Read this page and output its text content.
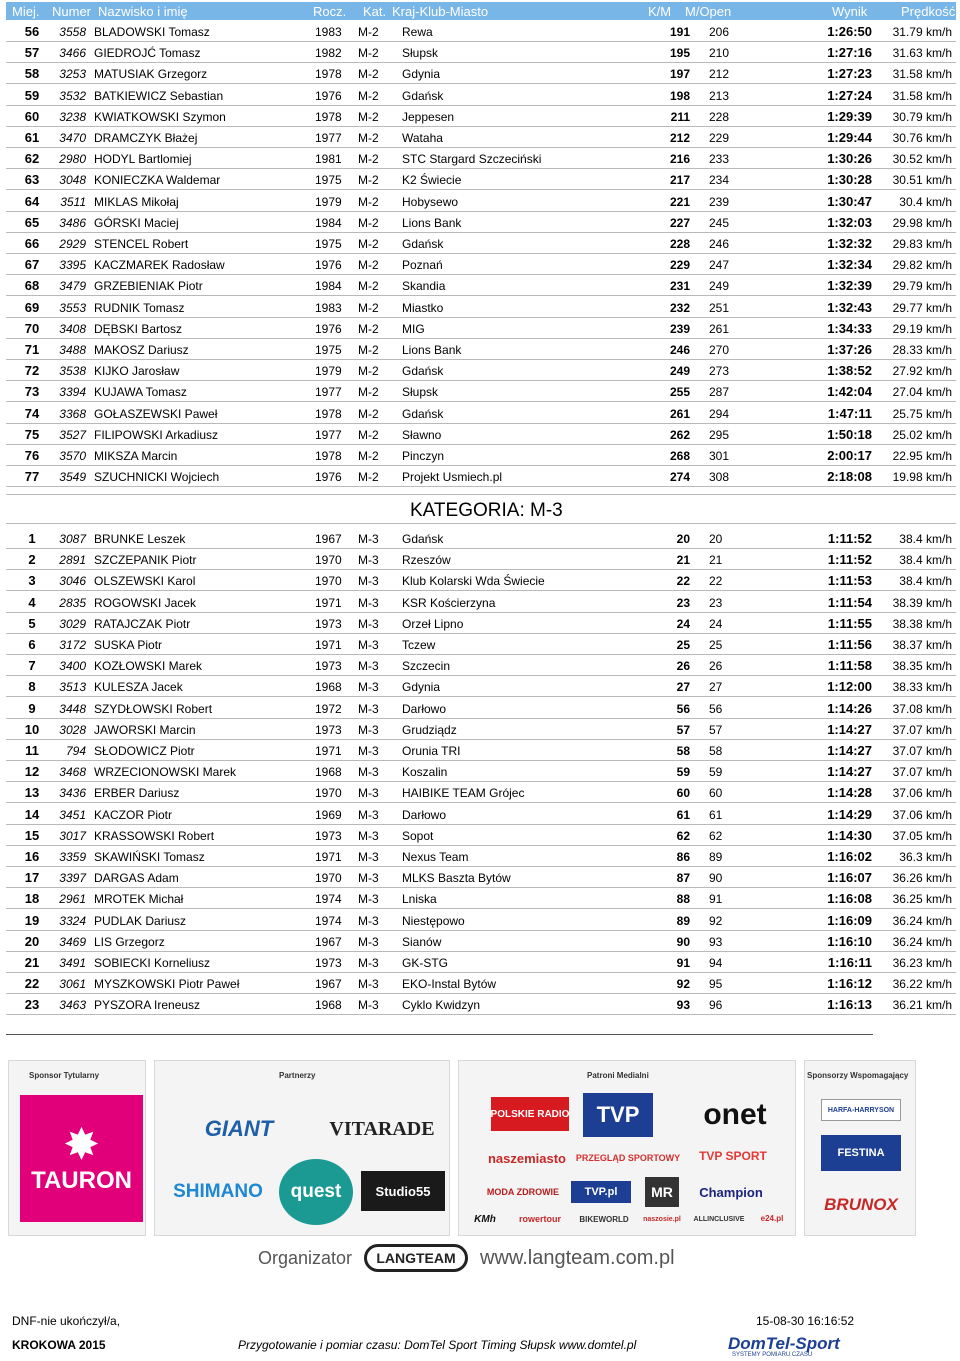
Miej. Numer Nazwisko i imię	Rocz. Kat. Kraj-Klub-Miasto	K/M M/Open	Wynik	Prędkość
56	3558 BLADOWSKI Tomasz	1983 M-2 Rewa	191 206	1:26:50	31.79 km/h
57	3466 GIEDROJĆ Tomasz	1982 M-2 Słupsk	195 210	1:27:16	31.63 km/h
58	3253 MATUSIAK Grzegorz	1978 M-2 Gdynia	197 212	1:27:23	31.58 km/h
59	3532 BATKIEWICZ Sebastian	1976 M-2 Gdańsk	198 213	1:27:24	31.58 km/h
60	3238 KWIATKOWSKI Szymon	1978 M-2 Jeppesen	211 228	1:29:39	30.79 km/h
61	3470 DRAMCZYK Błażej	1977 M-2 Wataha	212 229	1:29:44	30.76 km/h
62	2980 HODYL Bartlomiej	1981 M-2 STC Stargard Szczeciński	216 233	1:30:26	30.52 km/h
63	3048 KONIECZKA Waldemar	1975 M-2 K2 Świecie	217 234	1:30:28	30.51 km/h
64	3511 MIKLAS Mikołaj	1979 M-2 Hobysewo	221 239	1:30:47	30.4 km/h
65	3486 GÓRSKI Maciej	1984 M-2 Lions Bank	227 245	1:32:03	29.98 km/h
66	2929 STENCEL Robert	1975 M-2 Gdańsk	228 246	1:32:32	29.83 km/h
67	3395 KACZMAREK Radosław	1976 M-2 Poznań	229 247	1:32:34	29.82 km/h
68	3479 GRZEBIENIAK Piotr	1984 M-2 Skandia	231 249	1:32:39	29.79 km/h
69	3553 RUDNIK Tomasz	1983 M-2 Miastko	232 251	1:32:43	29.77 km/h
70	3408 DĘBSKI Bartosz	1976 M-2 MIG	239 261	1:34:33	29.19 km/h
71	3488 MAKOSZ Dariusz	1975 M-2 Lions Bank	246 270	1:37:26	28.33 km/h
72	3538 KIJKO Jarosław	1979 M-2 Gdańsk	249 273	1:38:52	27.92 km/h
73	3394 KUJAWA Tomasz	1977 M-2 Słupsk	255 287	1:42:04	27.04 km/h
74	3368 GOŁASZEWSKI Paweł	1978 M-2 Gdańsk	261 294	1:47:11	25.75 km/h
75	3527 FILIPOWSKI Arkadiusz	1977 M-2 Sławno	262 295	1:50:18	25.02 km/h
76	3570 MIKSZA Marcin	1978 M-2 Pinczyn	268 301	2:00:17	22.95 km/h
77	3549 SZUCHNICKI Wojciech	1976 M-2 Projekt Usmiech.pl	274 308	2:18:08	19.98 km/h
KATEGORIA: M-3
1	3087 BRUNKE Leszek	1967 M-3 Gdańsk	20 20	1:11:52	38.4 km/h
2	2891 SZCZEPANIK Piotr	1970 M-3 Rzeszów	21 21	1:11:52	38.4 km/h
3	3046 OLSZEWSKI Karol	1970 M-3 Klub Kolarski Wda Świecie	22 22	1:11:53	38.4 km/h
4	2835 ROGOWSKI Jacek	1971 M-3 KSR Kościerzyna	23 23	1:11:54	38.39 km/h
5	3029 RATAJCZAK Piotr	1973 M-3 Orzeł Lipno	24 24	1:11:55	38.38 km/h
6	3172 SUSKA Piotr	1971 M-3 Tczew	25 25	1:11:56	38.37 km/h
7	3400 KOZŁOWSKI Marek	1973 M-3 Szczecin	26 26	1:11:58	38.35 km/h
8	3513 KULESZA Jacek	1968 M-3 Gdynia	27 27	1:12:00	38.33 km/h
9	3448 SZYDŁOWSKI Robert	1972 M-3 Darłowo	56 56	1:14:26	37.08 km/h
10	3028 JAWORSKI Marcin	1973 M-3 Grudziądz	57 57	1:14:27	37.07 km/h
11	794 SŁODOWICZ Piotr	1971 M-3 Orunia TRI	58 58	1:14:27	37.07 km/h
12	3468 WRZECIONOWSKI Marek	1968 M-3 Koszalin	59 59	1:14:27	37.07 km/h
13	3436 ERBER Dariusz	1970 M-3 HAIBIKE TEAM Grójec	60 60	1:14:28	37.06 km/h
14	3451 KACZOR Piotr	1969 M-3 Darłowo	61 61	1:14:29	37.06 km/h
15	3017 KRASSOWSKI Robert	1973 M-3 Sopot	62 62	1:14:30	37.05 km/h
16	3359 SKAWIŃSKI Tomasz	1971 M-3 Nexus Team	86 89	1:16:02	36.3 km/h
17	3397 DARGAS Adam	1970 M-3 MLKS Baszta Bytów	87 90	1:16:07	36.26 km/h
18	2961 MROTEK Michał	1974 M-3 Lniska	88 91	1:16:08	36.25 km/h
19	3324 PUDLAK Dariusz	1974 M-3 Niestępowo	89 92	1:16:09	36.24 km/h
20	3469 LIS Grzegorz	1967 M-3 Sianów	90 93	1:16:10	36.24 km/h
21	3491 SOBIECKI Korneliusz	1973 M-3 GK-STG	91 94	1:16:11	36.23 km/h
22	3061 MYSZKOWSKI Piotr Paweł	1967 M-3 EKO-Instal Bytów	92 95	1:16:12	36.22 km/h
23	3463 PYSZORA Ireneusz	1968 M-3 Cyklo Kwidzyn	93 96	1:16:13	36.21 km/h
Sponsor Tytularny
✸
TAURON
Partnerzy
GIANT	VITARADE
SHIMANO	quest	Studio55
Patroni Medialni
POLSKIE RADIO	TVP	onet
naszemiasto	PRZEGLĄD SPORTOWY TVP SPORT
MODA ZDROWIE	TVP.pl	MR	Champion
KMh	rowertour	BIKEWORLD	naszosie.pl	ALLINCLUSIVE	e24.pl
Sponsorzy Wspomagający
HARFA-HARRYSON
FESTINA
BRUNOX
Organizator	LANGTEAM	www.langteam.com.pl
DNF-nie ukończył/a,
KROKOWA 2015
15-08-30 16:16:52
Przygotowanie i pomiar czasu: DomTel Sport Timing Słupsk www.domtel.pl	DomTel-Sport
SYSTEMY POMIARU CZASU
